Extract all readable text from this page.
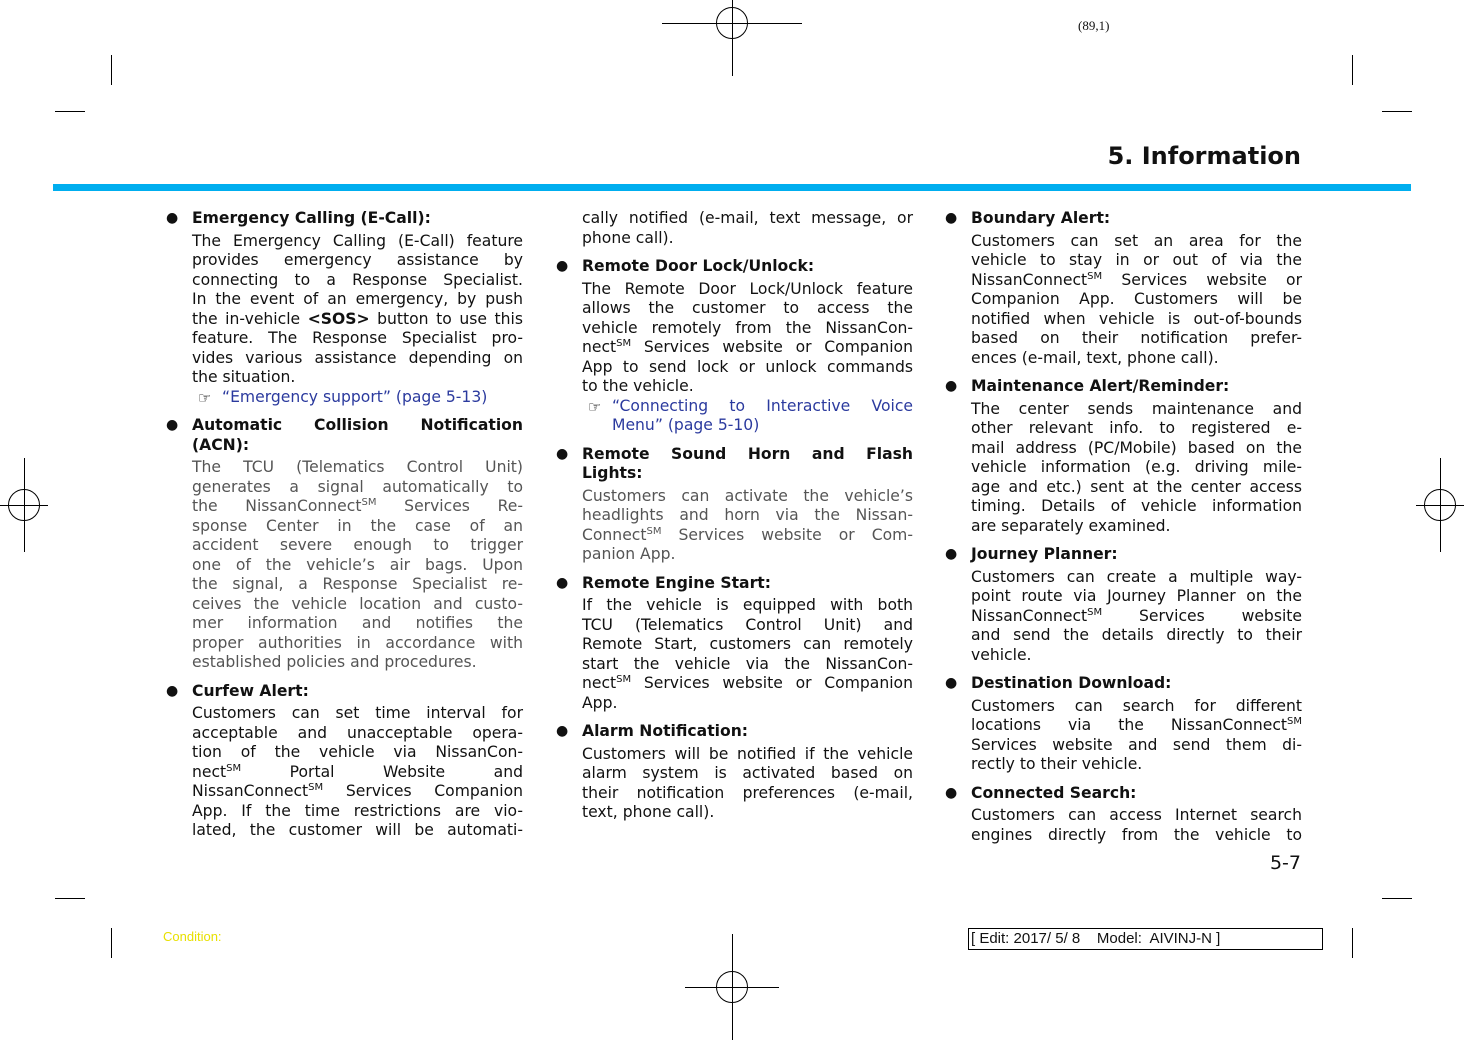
(89,1)
5. Information
● Emergency Calling (E-Call):
The Emergency Calling (E-Call) feature
provides emergency assistance by
connecting to a Response Specialist.
In the event of an emergency, by push
the in-vehicle <SOS> button to use this
feature. The Response Specialist pro-
vides various assistance depending on
the situation.
☞ “Emergency support” (page 5-13)
● Automatic Collision Notification
(ACN):
The TCU (Telematics Control Unit)
generates a signal automatically to
the NissanConnect℠ Services Re-
sponse Center in the case of an
accident severe enough to trigger
one of the vehicle’s air bags. Upon
the signal, a Response Specialist re-
ceives the vehicle location and custo-
mer information and notifies the
proper authorities in accordance with
established policies and procedures.
● Curfew Alert:
Customers can set time interval for
acceptable and unacceptable opera-
tion of the vehicle via NissanCon-
nect℠ Portal Website and
NissanConnect℠ Services Companion
App. If the time restrictions are vio-
lated, the customer will be automati-
cally notified (e-mail, text message, or
phone call).
● Remote Door Lock/Unlock:
The Remote Door Lock/Unlock feature
allows the customer to access the
vehicle remotely from the NissanCon-
nect℠ Services website or Companion
App to send lock or unlock commands
to the vehicle.
☞ “Connecting to Interactive Voice
Menu” (page 5-10)
● Remote Sound Horn and Flash
Lights:
Customers can activate the vehicle’s
headlights and horn via the Nissan-
Connect℠ Services website or Com-
panion App.
● Remote Engine Start:
If the vehicle is equipped with both
TCU (Telematics Control Unit) and
Remote Start, customers can remotely
start the vehicle via the NissanCon-
nect℠ Services website or Companion
App.
● Alarm Notification:
Customers will be notified if the vehicle
alarm system is activated based on
their notification preferences (e-mail,
text, phone call).
● Boundary Alert:
Customers can set an area for the
vehicle to stay in or out of via the
NissanConnect℠ Services website or
Companion App. Customers will be
notified when vehicle is out-of-bounds
based on their notification prefer-
ences (e-mail, text, phone call).
● Maintenance Alert/Reminder:
The center sends maintenance and
other relevant info. to registered e-
mail address (PC/Mobile) based on the
vehicle information (e.g. driving mile-
age and etc.) sent at the center access
timing. Details of vehicle information
are separately examined.
● Journey Planner:
Customers can create a multiple way-
point route via Journey Planner on the
NissanConnect℠ Services website
and send the details directly to their
vehicle.
● Destination Download:
Customers can search for different
locations via the NissanConnect℠
Services website and send them di-
rectly to their vehicle.
● Connected Search:
Customers can access Internet search
engines directly from the vehicle to
5-7
Condition:	[ Edit: 2017/ 5/ 8    Model:  AIVINJ-N ]
